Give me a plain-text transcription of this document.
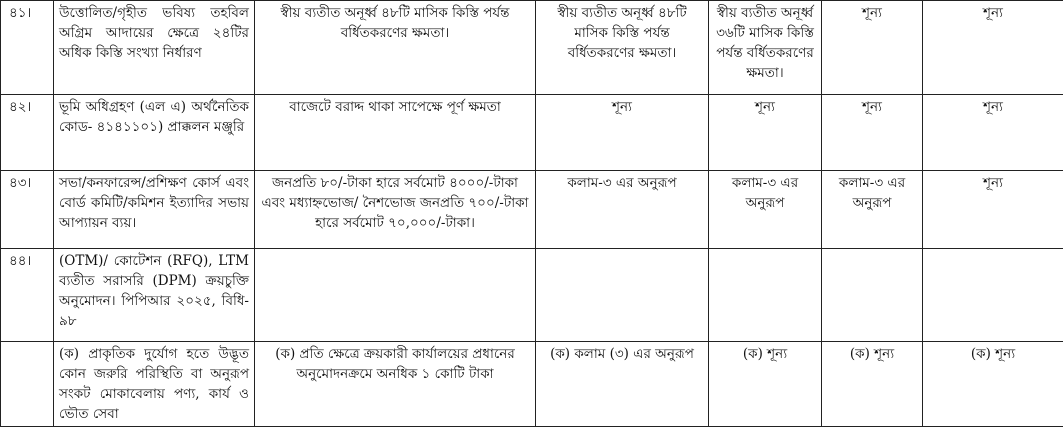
৪১।	উত্তোলিত/গৃহীত ভবিষ্য তহবিল অগ্রিম আদায়ের ক্ষেত্রে ২৪টির অধিক কিস্তি সংখ্যা নির্ধারণ	স্বীয় ব্যতীত অনূর্ধ্ব ৪৮টি মাসিক কিস্তি পর্যন্ত বর্ধিতকরণের ক্ষমতা।	স্বীয় ব্যতীত অনূর্ধ্ব ৪৮টি মাসিক কিস্তি পর্যন্ত বর্ধিতকরণের ক্ষমতা।	স্বীয় ব্যতীত অনূর্ধ্ব ৩৬টি মাসিক কিস্তি পর্যন্ত বর্ধিতকরণের ক্ষমতা।	শূন্য	শূন্য
৪২।	ভূমি অধিগ্রহণ (এল এ) অর্থনৈতিক কোড- ৪১৪১১০১) প্রাক্কলন মঞ্জুরি	বাজেটে বরাদ্দ থাকা সাপেক্ষে পূর্ণ ক্ষমতা	শূন্য	শূন্য	শূন্য	শূন্য
৪৩।	সভা/কনফারেন্স/প্রশিক্ষণ কোর্স এবং বোর্ড কমিটি/কমিশন ইত্যাদির সভায় আপ্যায়ন ব্যয়।	জনপ্রতি ৮০/-টাকা হারে সর্বমোট ৪০০০/-টাকা এবং মধ্যাহ্নভোজ/ নৈশভোজ জনপ্রতি ৭০০/-টাকা হারে সর্বমোট ৭০,০০০/-টাকা।	কলাম-৩ এর অনুরূপ	কলাম-৩ এর অনুরূপ	কলাম-৩ এর অনুরূপ	শূন্য
৪৪।	(OTM)/ কোটেশন (RFQ), LTM ব্যতীত সরাসরি (DPM) ক্রয়চুক্তি অনুমোদন। পিপিআর ২০২৫, বিধি- ৯৮					
	(ক) প্রাকৃতিক দুর্যোগ হতে উদ্ভূত কোন জরুরি পরিস্থিতি বা অনুরূপ সংকট মোকাবেলায় পণ্য, কার্য ও ভৌত সেবা	(ক) প্রতি ক্ষেত্রে ক্রয়কারী কার্যালয়ের প্রধানের অনুমোদনক্রমে অনধিক ১ কোটি টাকা	(ক) কলাম (৩) এর অনুরূপ	(ক) শূন্য	(ক) শূন্য	(ক) শূন্য
